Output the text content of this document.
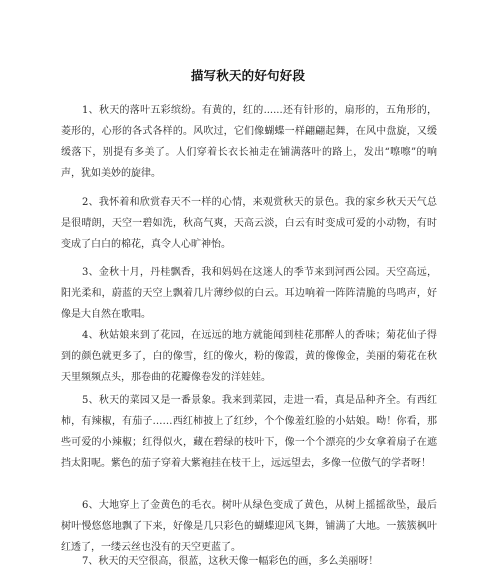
描写秋天的好句好段

1、秋天的落叶五彩缤纷。有黄的，红的......还有针形的，扇形的，五角形的，菱形的，心形的各式各样的。风吹过，它们像蝴蝶一样翩翩起舞，在风中盘旋，又缓缓落下，别提有多美了。人们穿着长衣长袖走在铺满落叶的路上，发出“嚓嚓”的响声，犹如美妙的旋律。

2、我怀着和欣赏春天不一样的心情，来观赏秋天的景色。我的家乡秋天天气总是很晴朗，天空一碧如洗，秋高气爽，天高云淡，白云有时变成可爱的小动物，有时变成了白白的棉花，真令人心旷神怡。

3、金秋十月，丹桂飘香，我和妈妈在这迷人的季节来到河西公园。天空高远，阳光柔和，蔚蓝的天空上飘着几片薄纱似的白云。耳边响着一阵阵清脆的鸟鸣声，好像是大自然在歌唱。

4、秋姑娘来到了花园，在远远的地方就能闻到桂花那醉人的香味；菊花仙子得到的颜色就更多了，白的像雪，红的像火，粉的像霞，黄的像像金，美丽的菊花在秋天里频频点头，那卷曲的花瓣像卷发的洋娃娃。

5、秋天的菜园又是一番景象。我来到菜园，走进一看，真是品种齐全。有西红柿，有辣椒，有茄子……西红柿披上了红纱，个个像羞红脸的小姑娘。呦！你看，那些可爱的小辣椒；红得似火，藏在碧绿的枝叶下，像一个个漂亮的少女拿着扇子在遮挡太阳呢。紫色的茄子穿着大紫袍挂在枝干上，远远望去，多像一位傲气的学者呀！

6、大地穿上了金黄色的毛衣。树叶从绿色变成了黄色，从树上摇摇欲坠，最后树叶慢悠悠地飘了下来，好像是几只彩色的蝴蝶迎风飞舞，铺满了大地。一簇簇枫叶红透了，一缕云丝也没有的天空更蓝了。

7、秋天的天空很高，很蓝，这秋天像一幅彩色的画，多么美丽呀！
